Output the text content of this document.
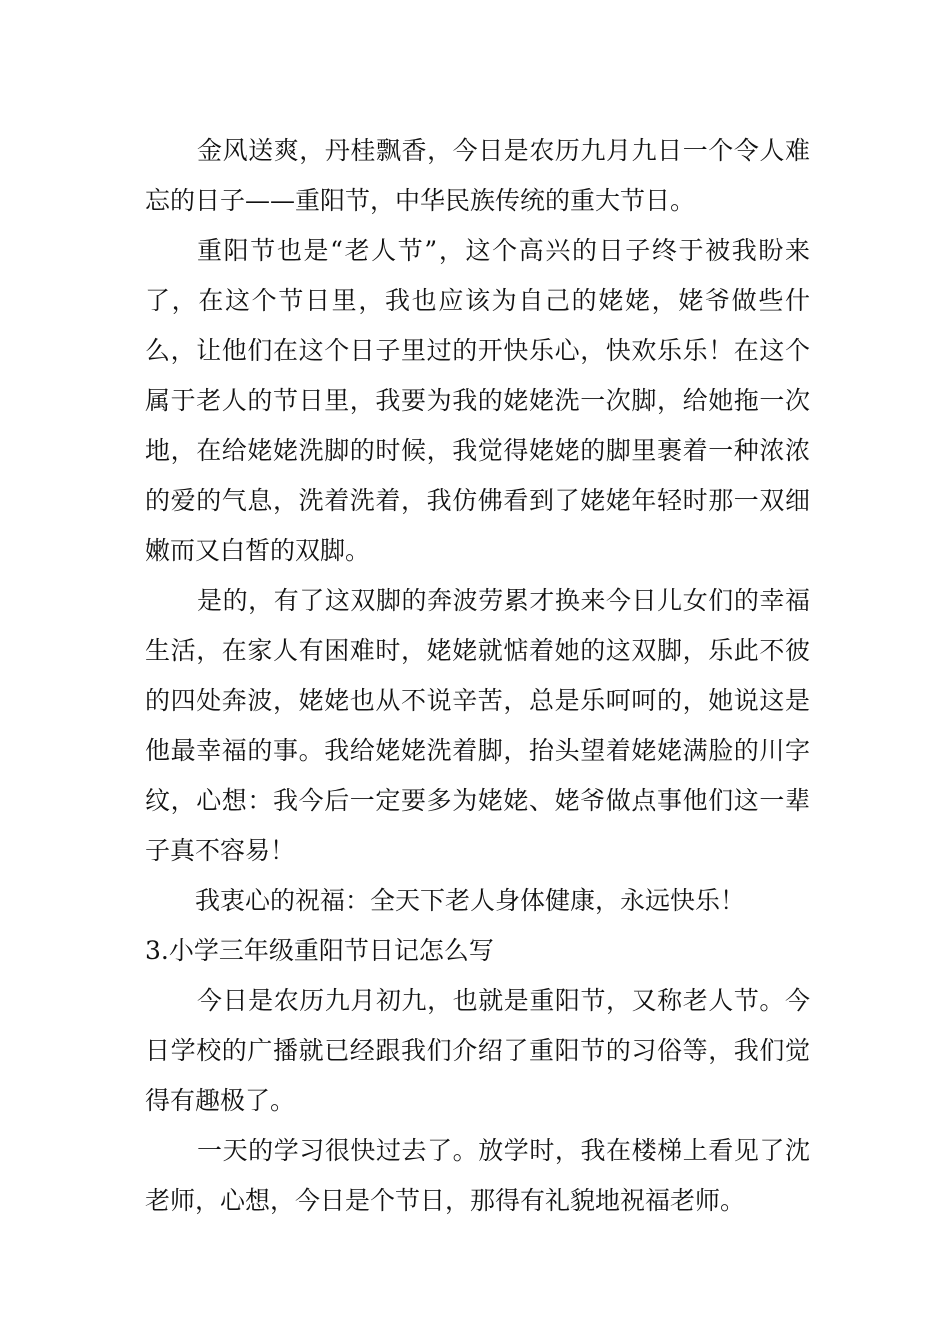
金风送爽，丹桂飘香，今日是农历九月九日一个令人难忘的日子——重阳节，中华民族传统的重大节日。

重阳节也是“老人节”，这个高兴的日子终于被我盼来了，在这个节日里，我也应该为自己的姥姥，姥爷做些什么，让他们在这个日子里过的开快乐心，快欢乐乐！在这个属于老人的节日里，我要为我的姥姥洗一次脚，给她拖一次地，在给姥姥洗脚的时候，我觉得姥姥的脚里裹着一种浓浓的爱的气息，洗着洗着，我仿佛看到了姥姥年轻时那一双细嫩而又白皙的双脚。

是的，有了这双脚的奔波劳累才换来今日儿女们的幸福生活，在家人有困难时，姥姥就惦着她的这双脚，乐此不彼的四处奔波，姥姥也从不说辛苦，总是乐呵呵的，她说这是他最幸福的事。我给姥姥洗着脚，抬头望着姥姥满脸的川字纹，心想：我今后一定要多为姥姥、姥爷做点事他们这一辈子真不容易！

我衷心的祝福：全天下老人身体健康，永远快乐！

3.小学三年级重阳节日记怎么写

今日是农历九月初九，也就是重阳节，又称老人节。今日学校的广播就已经跟我们介绍了重阳节的习俗等，我们觉得有趣极了。

一天的学习很快过去了。放学时，我在楼梯上看见了沈老师，心想，今日是个节日，那得有礼貌地祝福老师。
